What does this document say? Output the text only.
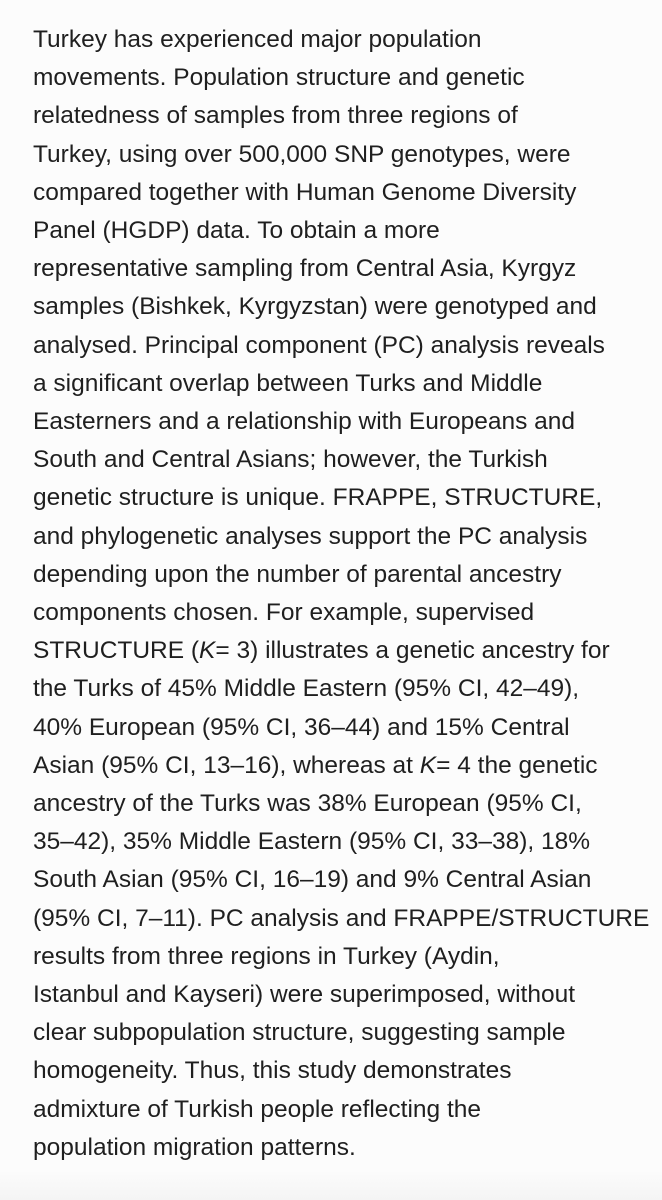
Turkey has experienced major population
movements. Population structure and genetic
relatedness of samples from three regions of
Turkey, using over 500,000 SNP genotypes, were
compared together with Human Genome Diversity
Panel (HGDP) data. To obtain a more
representative sampling from Central Asia, Kyrgyz
samples (Bishkek, Kyrgyzstan) were genotyped and
analysed. Principal component (PC) analysis reveals
a significant overlap between Turks and Middle
Easterners and a relationship with Europeans and
South and Central Asians; however, the Turkish
genetic structure is unique. FRAPPE, STRUCTURE,
and phylogenetic analyses support the PC analysis
depending upon the number of parental ancestry
components chosen. For example, supervised
STRUCTURE (K= 3) illustrates a genetic ancestry for
the Turks of 45% Middle Eastern (95% CI, 42–49),
40% European (95% CI, 36–44) and 15% Central
Asian (95% CI, 13–16), whereas at K= 4 the genetic
ancestry of the Turks was 38% European (95% CI,
35–42), 35% Middle Eastern (95% CI, 33–38), 18%
South Asian (95% CI, 16–19) and 9% Central Asian
(95% CI, 7–11). PC analysis and FRAPPE/STRUCTURE
results from three regions in Turkey (Aydin,
Istanbul and Kayseri) were superimposed, without
clear subpopulation structure, suggesting sample
homogeneity. Thus, this study demonstrates
admixture of Turkish people reflecting the
population migration patterns.
